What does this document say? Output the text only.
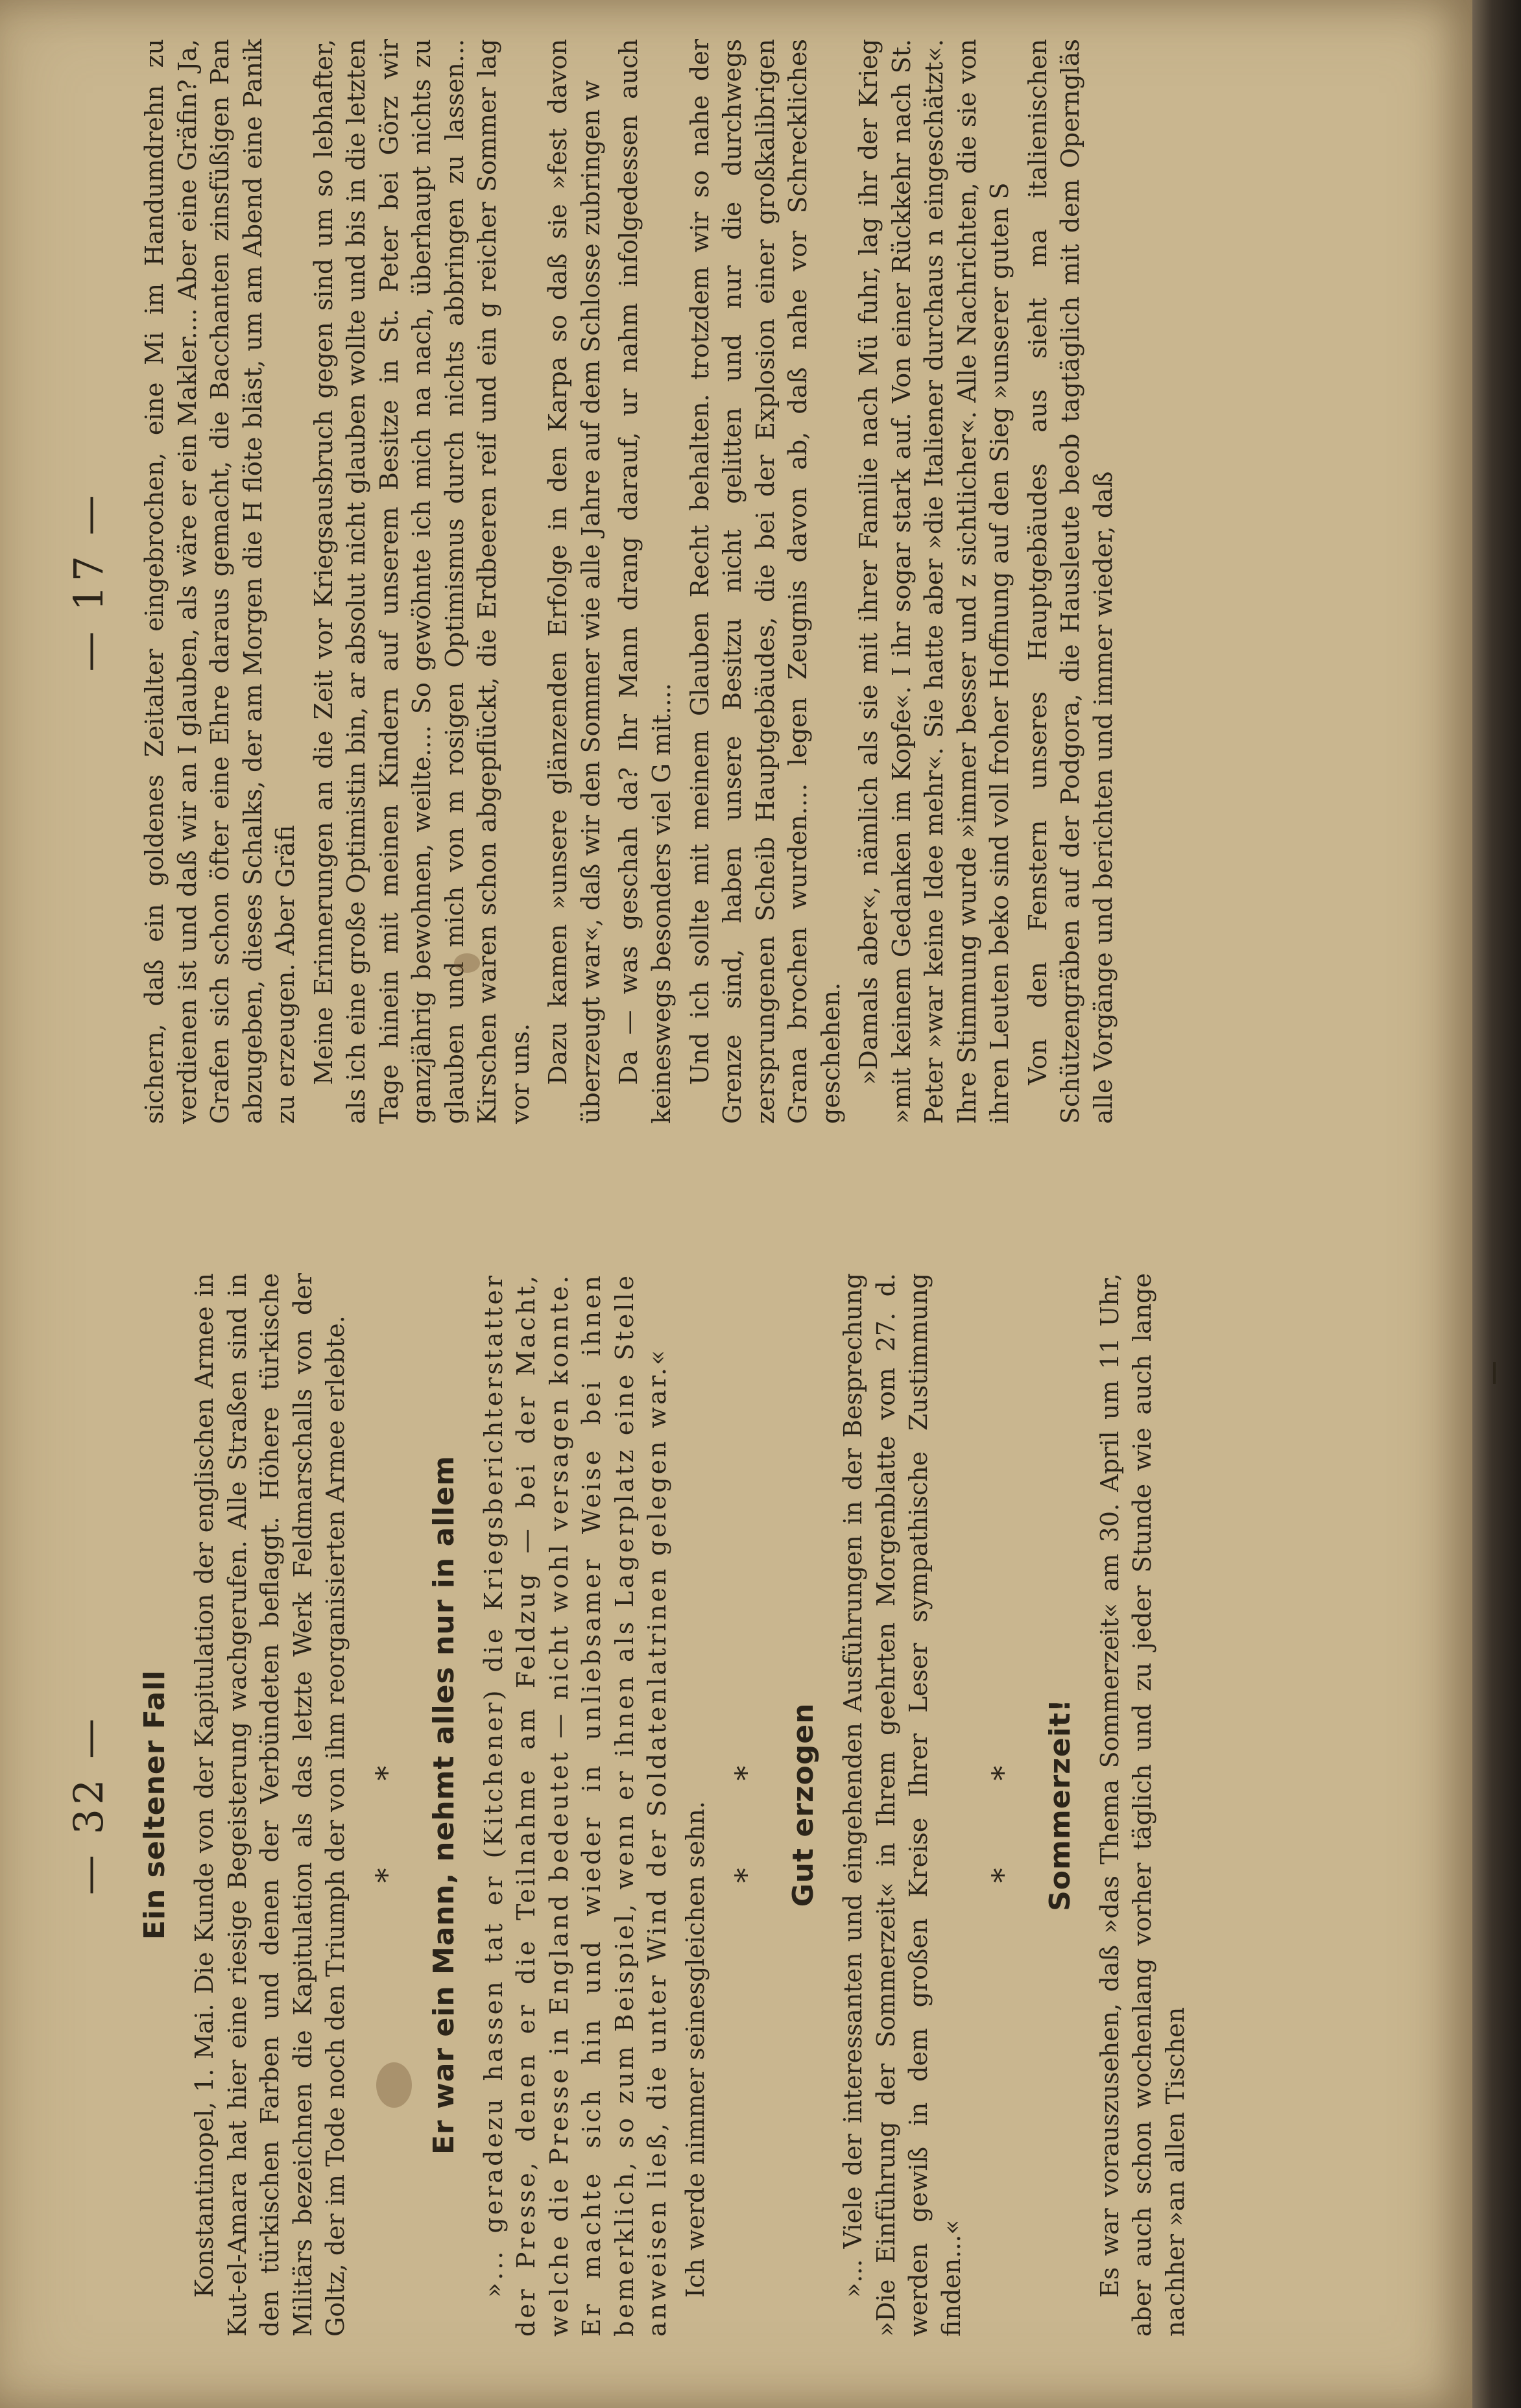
— 32 — Ein seltener Fall Konstantinopel, 1. Mai. Die Kunde von der Kapitulation der englischen Armee in Kut-el-Amara hat hier eine riesige Begeisterung wachgerufen. Alle Straßen sind in den türkischen Farben und denen der Verbündeten beflaggt. Höhere türkische Militärs bezeichnen die Kapitulation als das letzte Werk Feldmarschalls von der Goltz, der im Tode noch den Triumph der von ihm reorganisierten Armee erlebte. * * Er war ein Mann, nehmt alles nur in allem »... geradezu hassen tat er (Kitchener) die Kriegsberichterstatter der Presse, denen er die Teilnahme am Feldzug — bei der Macht, welche die Presse in England bedeutet — nicht wohl versagen konnte. Er machte sich hin und wieder in unliebsamer Weise bei ihnen bemerklich, so zum Beispiel, wenn er ihnen als Lagerplatz eine Stelle anweisen ließ, die unter Wind der Soldatenlatrinen gelegen war.« Ich werde nimmer seinesgleichen sehn. * * Gut erzogen »... Viele der interessanten und eingehenden Ausführungen in der Besprechung »Die Einführung der Sommerzeit« in Ihrem geehrten Morgenblatte vom 27. d. werden gewiß in dem großen Kreise Ihrer Leser sympathische Zustimmung finden...«

* * Sommerzeit! Es war vorauszusehen, daß »das Thema Sommerzeit« am 30. April um 11 Uhr, aber auch schon wochenlang vorher täglich und zu jeder Stunde wie auch lange nachher »an allen Tischen

— 17 — sichern, daß ein goldenes Zeitalter eingebrochen, eine Mi im Handumdrehn zu verdienen ist und daß wir an I glauben, als wäre er ein Makler.... Aber eine Gräfin? Ja, Grafen sich schon öfter eine Ehre daraus gemacht, die Bacchanten zinsfüßigen Pan abzugeben, dieses Schalks, der am Morgen die H flöte bläst, um am Abend eine Panik zu erzeugen. Aber Gräfi Meine Erinnerungen an die Zeit vor Kriegsausbruch gegen sind um so lebhafter, als ich eine große Optimistin bin, ar absolut nicht glauben wollte und bis in die letzten Tage hinein mit meinen Kindern auf unserem Besitze in St. Peter bei Görz wir ganzjährig bewohnen, weilte.... So gewöhnte ich mich na nach, überhaupt nichts zu glauben und mich von m rosigen Optimismus durch nichts abbringen zu lassen... Kirschen waren schon abgepflückt, die Erdbeeren reif und ein g reicher Sommer lag vor uns. Dazu kamen »unsere glänzenden Erfolge in den Karpa so daß sie »fest davon überzeugt war«, daß wir den Sommer wie alle Jahre auf dem Schlosse zubringen w Da — was geschah da? Ihr Mann drang darauf, ur nahm infolgedessen auch keineswegs besonders viel G mit.... Und ich sollte mit meinem Glauben Recht behalten. trotzdem wir so nahe der Grenze sind, haben unsere Besitzu nicht gelitten und nur die durchwegs zersprungenen Scheib Hauptgebäudes, die bei der Explosion einer großkalibrigen Grana brochen wurden.... legen Zeugnis davon ab, daß nahe vor Schreckliches geschehen. »Damals aber«, nämlich als sie mit ihrer Familie nach Mü fuhr, lag ihr der Krieg »mit keinem Gedanken im Kopfe«. I ihr sogar stark auf. Von einer Rückkehr nach St. Peter »war keine Idee mehr«. Sie hatte aber »die Italiener durchaus n eingeschätzt«. Ihre Stimmung wurde »immer besser und z sichtlicher«. Alle Nachrichten, die sie von ihren Leuten beko sind voll froher Hoffnung auf den Sieg »unserer guten S Von den Fenstern unseres Hauptgebäudes aus sieht ma italienischen Schützengräben auf der Podgora, die Hausleute beob tagtäglich mit dem Operngläs alle Vorgänge und berichten und immer wieder, daß
